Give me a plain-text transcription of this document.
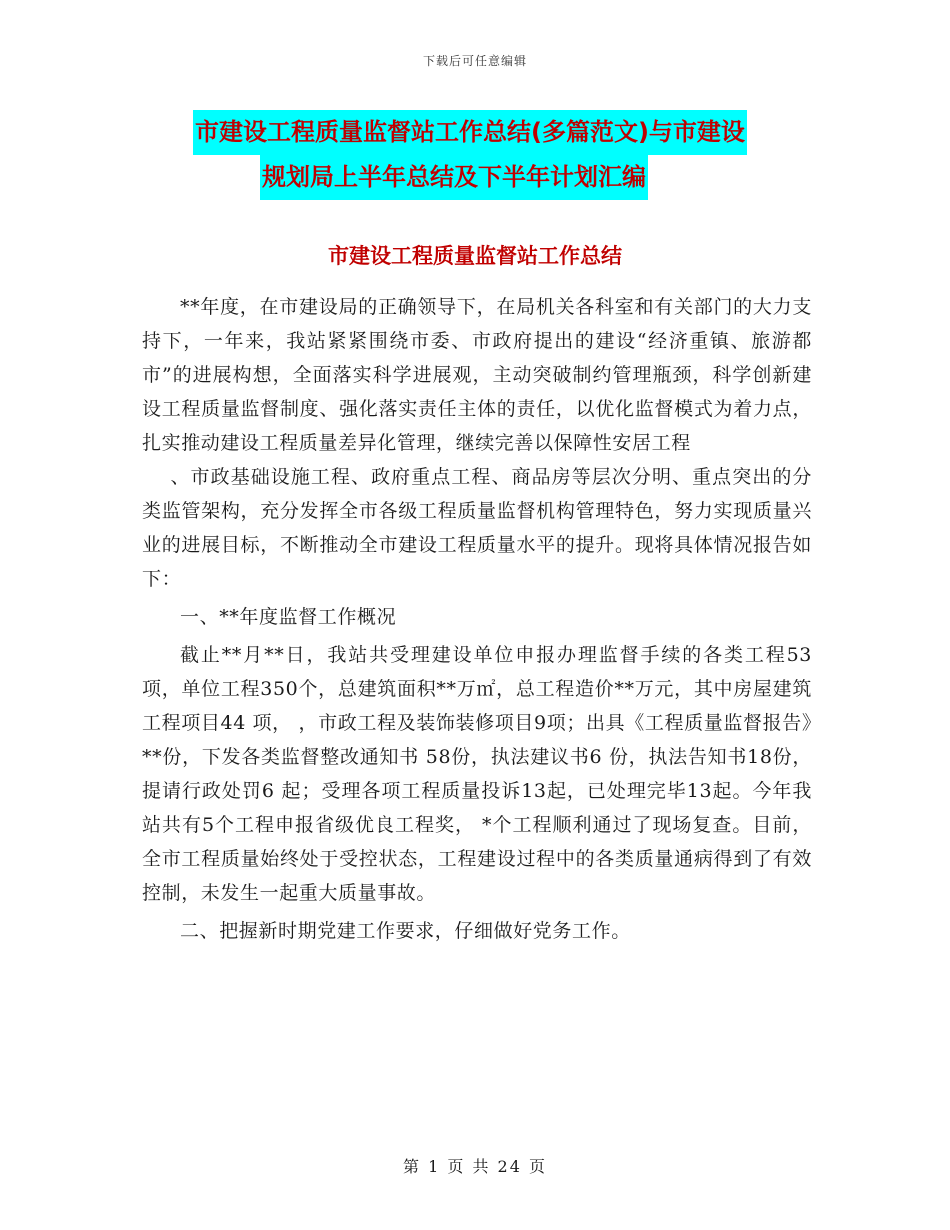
下载后可任意编辑
市建设工程质量监督站工作总结(多篇范文)与市建设
规划局上半年总结及下半年计划汇编
市建设工程质量监督站工作总结

**年度，在市建设局的正确领导下，在局机关各科室和有关部门的大力支持下，一年来，我站紧紧围绕市委、市政府提出的建设“经济重镇、旅游都市”的进展构想，全面落实科学进展观，主动突破制约管理瓶颈，科学创新建设工程质量监督制度、强化落实责任主体的责任，以优化监督模式为着力点，扎实推动建设工程质量差异化管理，继续完善以保障性安居工程

、市政基础设施工程、政府重点工程、商品房等层次分明、重点突出的分类监管架构，充分发挥全市各级工程质量监督机构管理特色，努力实现质量兴业的进展目标，不断推动全市建设工程质量水平的提升。现将具体情况报告如下：

一、**年度监督工作概况

截止**月**日，我站共受理建设单位申报办理监督手续的各类工程53项，单位工程350个，总建筑面积**万㎡，总工程造价**万元，其中房屋建筑工程项目44 项， ，市政工程及装饰装修项目9项；出具《工程质量监督报告》**份，下发各类监督整改通知书 58份，执法建议书6 份，执法告知书18份，提请行政处罚6 起；受理各项工程质量投诉13起，已处理完毕13起。今年我站共有5个工程申报省级优良工程奖， *个工程顺利通过了现场复查。目前，全市工程质量始终处于受控状态，工程建设过程中的各类质量通病得到了有效控制，未发生一起重大质量事故。

二、把握新时期党建工作要求，仔细做好党务工作。

第 1 页 共 24 页
